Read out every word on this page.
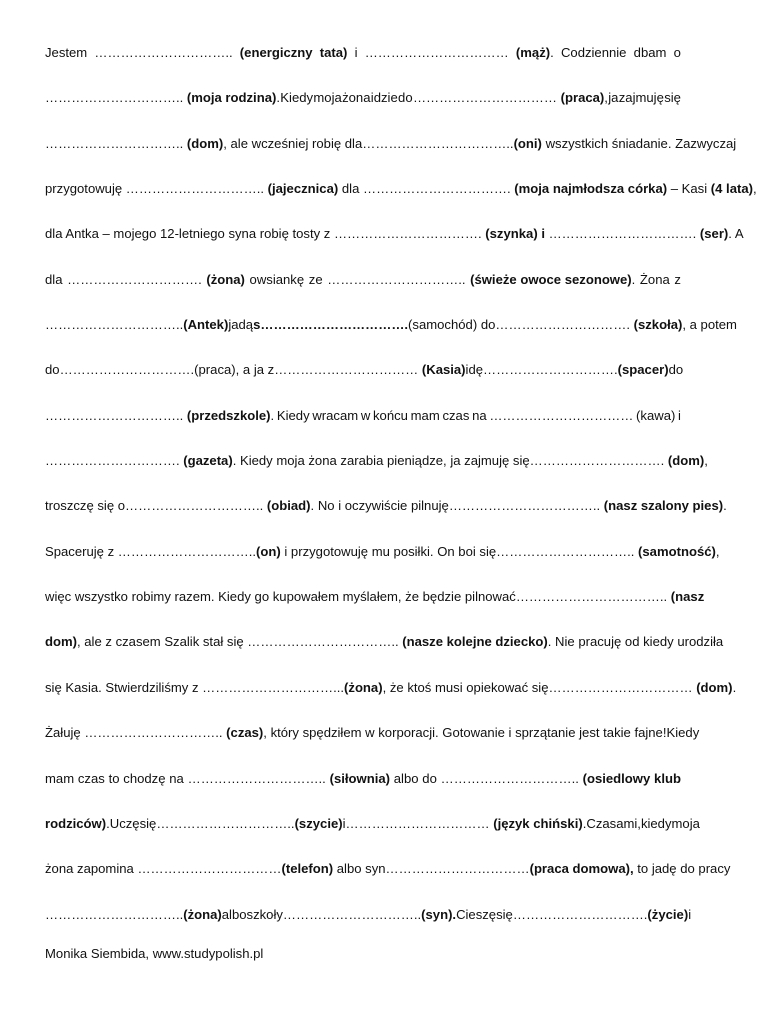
Jestem ………………………….. (energiczny tata) i …………………………… (mąż). Codziennie dbam o
………………………….. (moja rodzina). Kiedy moja żona idzie do …………………………… (praca), ja zajmuję się
………………………….. (dom), ale wcześniej robię dla …………………………….. (oni) wszystkich śniadanie. Zazwyczaj
przygotowuję ………………………….. (jajecznica) dla ……………………………. (moja najmłodsza córka) – Kasi (4 lata),
dla Antka – mojego 12-letniego syna robię tosty z ……………………………. (szynka) i ……………………………. (ser). A
dla …………………………. (żona) owsiankę ze ………………………….. (świeże owoce sezonowe). Żona z
………………………….. (Antek) jadą s……………………………. (samochód) do …………………………. (szkoła), a potem
do …………………………. (praca), a ja z …………………………… (Kasia) idę …………………………. (spacer) do
………………………….. (przedszkole). Kiedy wracam w końcu mam czas na …………………………… (kawa) i
…………………………. (gazeta). Kiedy moja żona zarabia pieniądze, ja zajmuję się …………………………. (dom),
troszczę się o ………………………….. (obiad). No i oczywiście pilnuję …………………………….. (nasz szalony pies).
Spaceruję z ………………………….. (on) i przygotowuję mu posiłki. On boi się ………………………….. (samotność),
więc wszystko robimy razem. Kiedy go kupowałem myślałem, że będzie pilnować …………………………….. (nasz
dom), ale z czasem Szalik stał się …………………………….. (nasze kolejne dziecko). Nie pracuję od kiedy urodziła
się Kasia. Stwierdziliśmy z …………………………... (żona), że ktoś musi opiekować się …………………………… (dom).
Żałuję ………………………….. (czas), który spędziłem w korporacji. Gotowanie i sprzątanie jest takie fajne! Kiedy
mam czas to chodzę na ………………………….. (siłownia) albo do ………………………….. (osiedlowy klub
rodziców). Uczę się ………………………….. (szycie) i …………………………… (język chiński). Czasami, kiedy moja
żona zapomina …………………………… (telefon) albo syn …………………………… (praca domowa), to jadę do pracy
………………………….. (żona) albo szkoły ………………………….. (syn). Cieszę się …………………………. (życie) i
Monika Siembida, www.studypolish.pl
